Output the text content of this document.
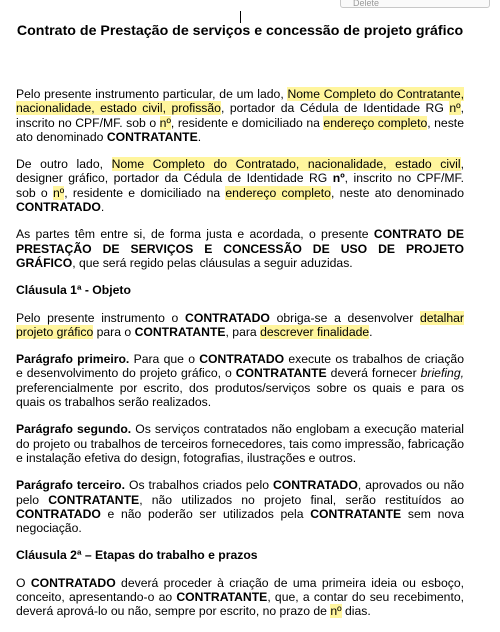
Delete
Contrato de Prestação de serviços e concessão de projeto gráfico

Pelo presente instrumento particular, de um lado, Nome Completo do Contratante, nacionalidade, estado civil, profissão, portador da Cédula de Identidade RG nº, inscrito no CPF/MF. sob o nº, residente e domiciliado na endereço completo, neste ato denominado CONTRATANTE.

De outro lado, Nome Completo do Contratado, nacionalidade, estado civil, designer gráfico, portador da Cédula de Identidade RG nº, inscrito no CPF/MF. sob o nº, residente e domiciliado na endereço completo, neste ato denominado CONTRATADO.

As partes têm entre si, de forma justa e acordada, o presente CONTRATO DE PRESTAÇÃO DE SERVIÇOS E CONCESSÃO DE USO DE PROJETO GRÁFICO, que será regido pelas cláusulas a seguir aduzidas.

Cláusula 1ª - Objeto

Pelo presente instrumento o CONTRATADO obriga-se a desenvolver detalhar projeto gráfico para o CONTRATANTE, para descrever finalidade.

Parágrafo primeiro. Para que o CONTRATADO execute os trabalhos de criação e desenvolvimento do projeto gráfico, o CONTRATANTE deverá fornecer briefing, preferencialmente por escrito, dos produtos/serviços sobre os quais e para os quais os trabalhos serão realizados.

Parágrafo segundo. Os serviços contratados não englobam a execução material do projeto ou trabalhos de terceiros fornecedores, tais como impressão, fabricação e instalação efetiva do design, fotografias, ilustrações e outros.

Parágrafo terceiro. Os trabalhos criados pelo CONTRATADO, aprovados ou não pelo CONTRATANTE, não utilizados no projeto final, serão restituídos ao CONTRATADO e não poderão ser utilizados pela CONTRATANTE sem nova negociação.

Cláusula 2ª – Etapas do trabalho e prazos

O CONTRATADO deverá proceder à criação de uma primeira ideia ou esboço, conceito, apresentando-o ao CONTRATANTE, que, a contar do seu recebimento, deverá aprová-lo ou não, sempre por escrito, no prazo de nº dias.
